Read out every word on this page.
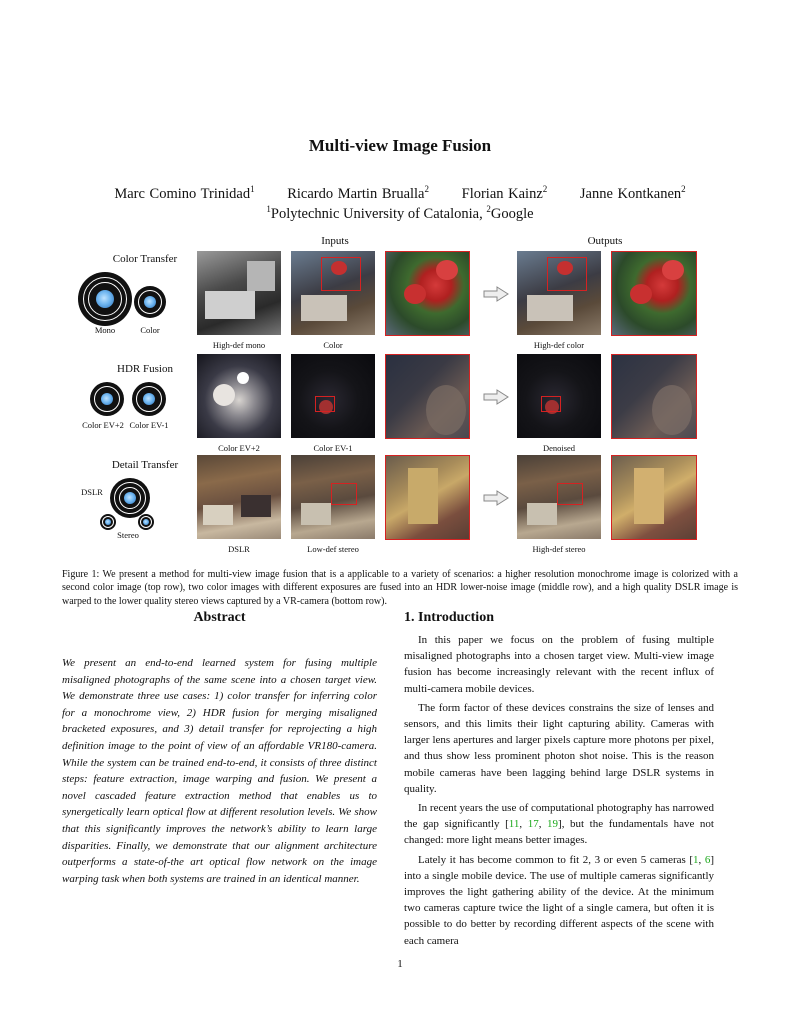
Multi-view Image Fusion
Marc Comino Trinidad$^1$ Ricardo Martin Brualla$^2$ Florian Kainz$^2$ Janne Kontkanen$^2$
$^1$Polytechnic University of Catalonia, $^2$Google
Inputs	Outputs
Color Transfer
Mono	Color
High-def mono	Color	High-def color
HDR Fusion
Color EV+2 Color EV-1
Color EV+2	Color EV-1	Denoised
Detail Transfer
DSLR
Stereo
DSLR	Low-def stereo	High-def stereo
Figure 1: We present a method for multi-view image fusion that is a applicable to a variety of scenarios: a higher resolution monochrome image is colorized with a second color image (top row), two color images with different exposures are fused into an HDR lower-noise image (middle row), and a high quality DSLR image is warped to the lower quality stereo views captured by a VR-camera (bottom row).
Abstract
We present an end-to-end learned system for fusing multiple misaligned photographs of the same scene into a chosen target view. We demonstrate three use cases: 1) color transfer for inferring color for a monochrome view, 2) HDR fusion for merging misaligned bracketed exposures, and 3) detail transfer for reprojecting a high definition image to the point of view of an affordable VR180-camera. While the system can be trained end-to-end, it consists of three distinct steps: feature extraction, image warping and fusion. We present a novel cascaded feature extraction method that enables us to synergetically learn optical flow at different resolution levels. We show that this significantly improves the network’s ability to learn large disparities. Finally, we demonstrate that our alignment architecture outperforms a state-of-the art optical flow network on the image warping task when both systems are trained in an identical manner.
1. Introduction

In this paper we focus on the problem of fusing multiple misaligned photographs into a chosen target view. Multi-view image fusion has become increasingly relevant with the recent influx of multi-camera mobile devices.

The form factor of these devices constrains the size of lenses and sensors, and this limits their light capturing ability. Cameras with larger lens apertures and larger pixels capture more photons per pixel, and thus show less prominent photon shot noise. This is the reason mobile cameras have been lagging behind large DSLR systems in quality.

In recent years the use of computational photography has narrowed the gap significantly [11, 17, 19], but the fundamentals have not changed: more light means better images.

Lately it has become common to fit 2, 3 or even 5 cameras [1, 6] into a single mobile device. The use of multiple cameras significantly improves the light gathering ability of the device. At the minimum two cameras capture twice the light of a single camera, but often it is possible to do better by recording different aspects of the scene with each camera

1
